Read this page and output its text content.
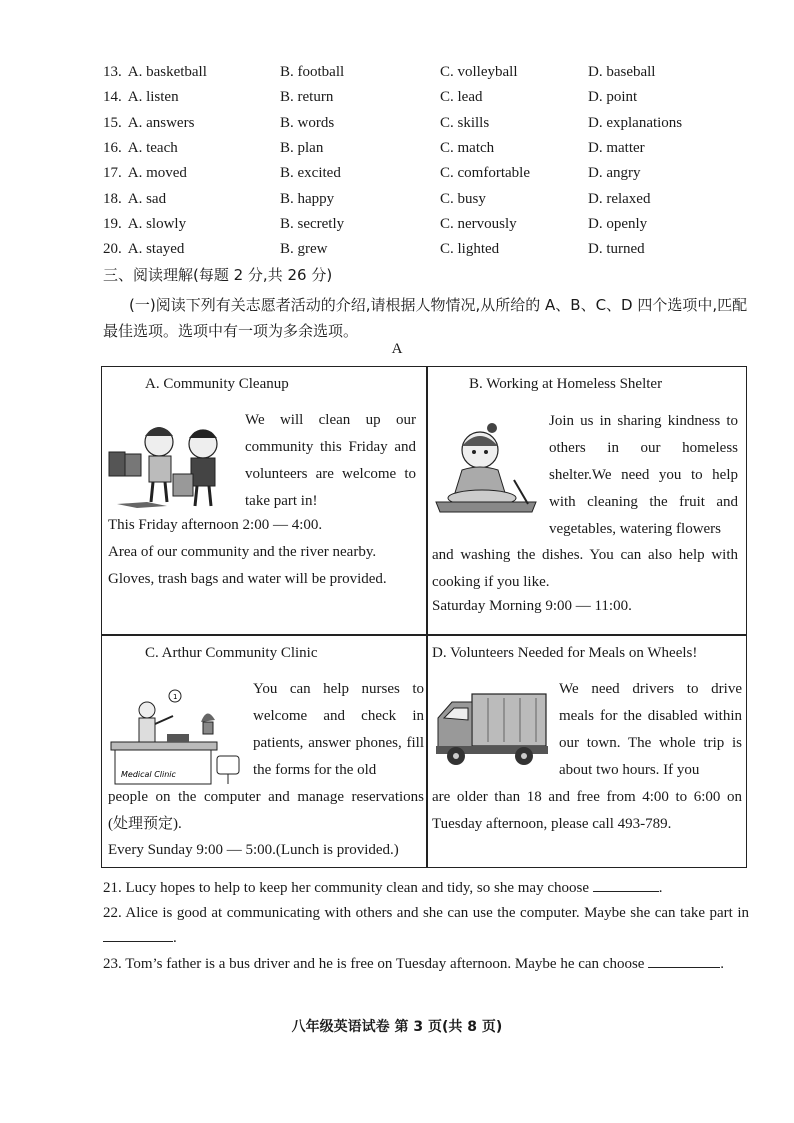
13. A. basketball	B. football	C. volleyball	D. baseball
14. A. listen	B. return	C. lead	D. point
15. A. answers	B. words	C. skills	D. explanations
16. A. teach	B. plan	C. match	D. matter
17. A. moved	B. excited	C. comfortable	D. angry
18. A. sad	B. happy	C. busy	D. relaxed
19. A. slowly	B. secretly	C. nervously	D. openly
20. A. stayed	B. grew	C. lighted	D. turned
三、阅读理解(每题 2 分,共 26 分)
(一)阅读下列有关志愿者活动的介绍,请根据人物情况,从所给的 A、B、C、D 四个选项中,匹配最佳选项。选项中有一项为多余选项。
A
A. Community Cleanup
We will clean up our community this Friday and volunteers are welcome to take part in!
This Friday afternoon 2:00 — 4:00.
Area of our community and the river nearby.
Gloves, trash bags and water will be provided.
B. Working at Homeless Shelter
Join us in sharing kindness to others in our homeless shelter.We need you to help with cleaning the fruit and vegetables, watering flowers
and washing the dishes. You can also help with cooking if you like.
Saturday Morning 9:00 — 11:00.
C. Arthur Community Clinic
1
Medical Clinic
You can help nurses to welcome and check in patients, answer phones, fill the forms for the old
people on the computer and manage reservations (处理预定).
Every Sunday 9:00 — 5:00.(Lunch is provided.)
D. Volunteers Needed for Meals on Wheels!
We need drivers to drive meals for the disabled within our town. The whole trip is about two hours. If you
are older than 18 and free from 4:00 to 6:00 on Tuesday afternoon, please call 493-789.
21. Lucy hopes to help to keep her community clean and tidy, so she may choose	.
22. Alice is good at communicating with others and she can use the computer. Maybe she can take part in .
23. Tom’s father is a bus driver and he is free on Tuesday afternoon. Maybe he can choose	.
八年级英语试卷 第 3 页(共 8 页)
